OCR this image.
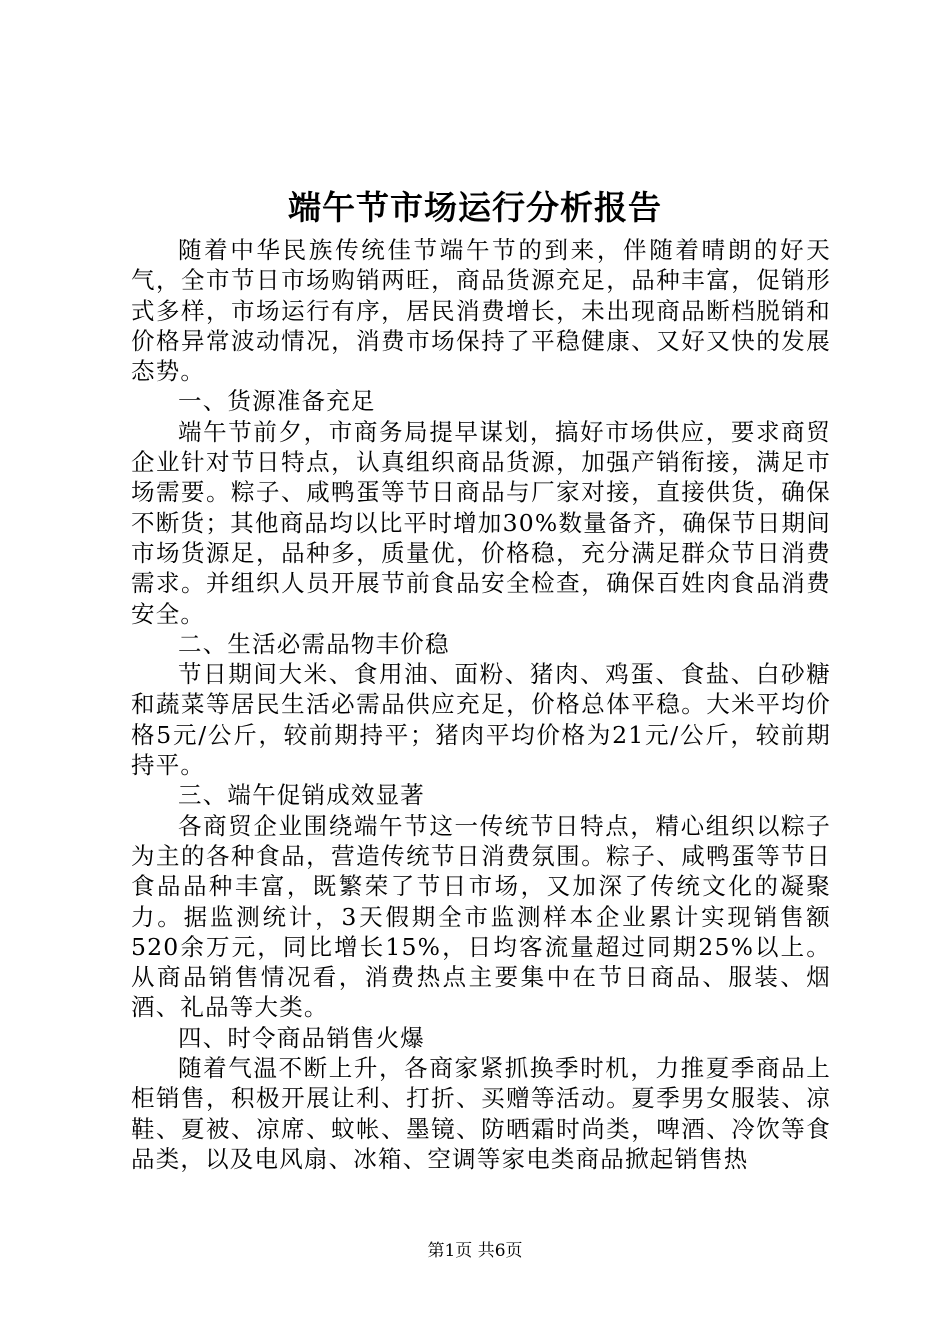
端午节市场运行分析报告

随着中华民族传统佳节端午节的到来，伴随着晴朗的好天气，全市节日市场购销两旺，商品货源充足，品种丰富，促销形式多样，市场运行有序，居民消费增长，未出现商品断档脱销和价格异常波动情况，消费市场保持了平稳健康、又好又快的发展态势。

一、货源准备充足

端午节前夕，市商务局提早谋划，搞好市场供应，要求商贸企业针对节日特点，认真组织商品货源，加强产销衔接，满足市场需要。粽子、咸鸭蛋等节日商品与厂家对接，直接供货，确保不断货；其他商品均以比平时增加30%数量备齐，确保节日期间市场货源足，品种多，质量优，价格稳，充分满足群众节日消费需求。并组织人员开展节前食品安全检查，确保百姓肉食品消费安全。

二、生活必需品物丰价稳

节日期间大米、食用油、面粉、猪肉、鸡蛋、食盐、白砂糖和蔬菜等居民生活必需品供应充足，价格总体平稳。大米平均价格5元/公斤，较前期持平；猪肉平均价格为21元/公斤，较前期持平。

三、端午促销成效显著

各商贸企业围绕端午节这一传统节日特点，精心组织以粽子为主的各种食品，营造传统节日消费氛围。粽子、咸鸭蛋等节日食品品种丰富，既繁荣了节日市场，又加深了传统文化的凝聚力。据监测统计，3天假期全市监测样本企业累计实现销售额520余万元，同比增长15%，日均客流量超过同期25%以上。从商品销售情况看，消费热点主要集中在节日商品、服装、烟酒、礼品等大类。

四、时令商品销售火爆

随着气温不断上升，各商家紧抓换季时机，力推夏季商品上柜销售，积极开展让利、打折、买赠等活动。夏季男女服装、凉鞋、夏被、凉席、蚊帐、墨镜、防晒霜时尚类，啤酒、冷饮等食品类，以及电风扇、冰箱、空调等家电类商品掀起销售热

第1页 共6页
